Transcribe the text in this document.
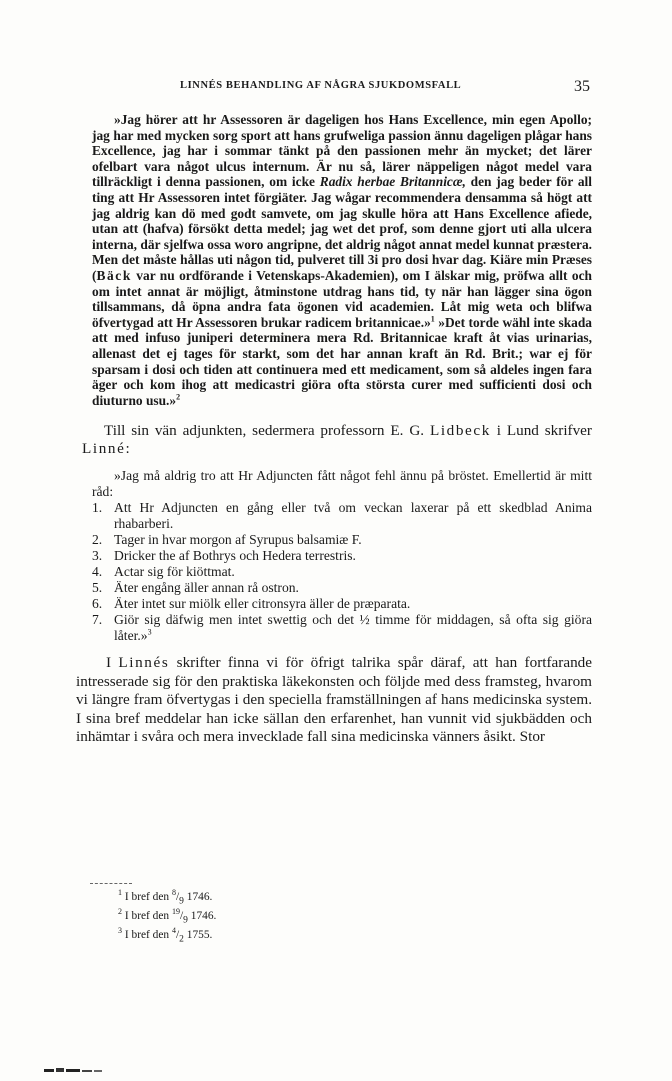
LINNÉS BEHANDLING AF NÅGRA SJUKDOMSFALL	35

»Jag hörer att hr Assessoren är dageligen hos Hans Excellence, min egen Apollo; jag har med mycken sorg sport att hans grufweliga passion ännu dageligen plågar hans Excellence, jag har i sommar tänkt på den passionen mehr än mycket; det lärer ofelbart vara något ulcus internum. Är nu så, lärer näppeligen något medel vara tillräckligt i denna passionen, om icke Radix herbae Britannicæ, den jag beder för all ting att Hr Assessoren intet förgiäter. Jag wågar recommendera densamma så högt att jag aldrig kan dö med godt samvete, om jag skulle höra att Hans Excellence afiede, utan att (hafva) försökt detta medel; jag wet det prof, som denne gjort uti alla ulcera interna, där sjelfwa ossa woro angripne, det aldrig något annat medel kunnat præstera. Men det måste hållas uti någon tid, pulveret till 3i pro dosi hvar dag. Kiäre min Præses (Bäck var nu ordförande i Vetenskaps-Akademien), om I älskar mig, pröfwa allt och om intet annat är möjligt, åtminstone utdrag hans tid, ty när han lägger sina ögon tillsammans, då öpna andra fata ögonen vid academien. Låt mig weta och blifwa öfvertygad att Hr Assessoren brukar radicem britannicae.»$^1$ »Det torde wähl inte skada att med infuso juniperi determinera mera Rd. Britannicae kraft åt vias urinarias, allenast det ej tages för starkt, som det har annan kraft än Rd. Brit.; war ej för sparsam i dosi och tiden att continuera med ett medicament, som så aldeles ingen fara äger och kom ihog att medicastri giöra ofta största curer med sufficienti dosi och diuturno usu.»$^2$

Till sin vän adjunkten, sedermera professorn E. G. Lidbeck i Lund skrifver Linné:

»Jag må aldrig tro att Hr Adjuncten fått något fehl ännu på bröstet. Emellertid är mitt råd:

1. Att Hr Adjuncten en gång eller två om veckan laxerar på ett skedblad Anima rhabarberi.
2. Tager in hvar morgon af Syrupus balsamiæ F.
3. Dricker the af Bothrys och Hedera terrestris.
4. Actar sig för kiöttmat.
5. Äter engång äller annan rå ostron.
6. Äter intet sur miölk eller citronsyra äller de præparata.
7. Giör sig däfwig men intet swettig och det ½ timme för middagen, så ofta sig giöra låter.»$^3$

I Linnés skrifter finna vi för öfrigt talrika spår däraf, att han fortfarande intresserade sig för den praktiska läkekonsten och följde med dess framsteg, hvarom vi längre fram öfvertygas i den speciella framställningen af hans medicinska system. I sina bref meddelar han icke sällan den erfarenhet, han vunnit vid sjukbädden och inhämtar i svåra och mera invecklade fall sina medicinska vänners åsikt. Stor

$^1$ I bref den $^8/_9$ 1746.
$^2$ I bref den $^{19}/_9$ 1746.
$^3$ I bref den $^4/_2$ 1755.
